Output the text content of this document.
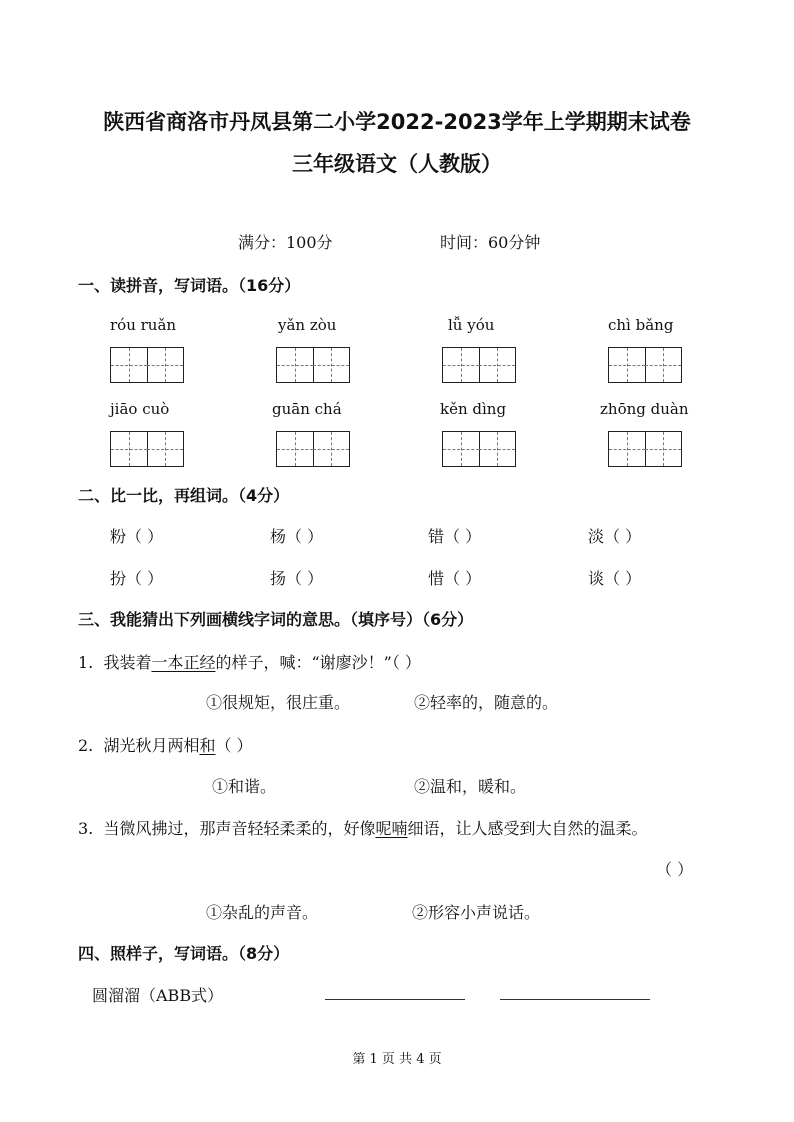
陕西省商洛市丹凤县第二小学2022-2023学年上学期期末试卷
三年级语文（人教版）
满分：100分	时间：60分钟
一、读拼音，写词语。（16分）
róu ruǎn	yǎn zòu	lǚ yóu	chì bǎng
jiāo cuò	guān chá	kěn dìng	zhōng duàn
二、比一比，再组词。（4分）
粉（ ）	杨（ ）	错（ ）	淡（ ）
扮（ ）	扬（ ）	惜（ ）	谈（ ）
三、我能猜出下列画横线字词的意思。（填序号）（6分）
1. 我装着一本正经的样子，喊：“谢廖沙！”（ ）
①很规矩，很庄重。	②轻率的，随意的。
2. 湖光秋月两相和（ ）
①和谐。	②温和，暖和。
3. 当微风拂过，那声音轻轻柔柔的，好像呢喃细语，让人感受到大自然的温柔。
（ ）
①杂乱的声音。	②形容小声说话。
四、照样子，写词语。（8分）
圆溜溜（ABB式）
第 1 页 共 4 页
